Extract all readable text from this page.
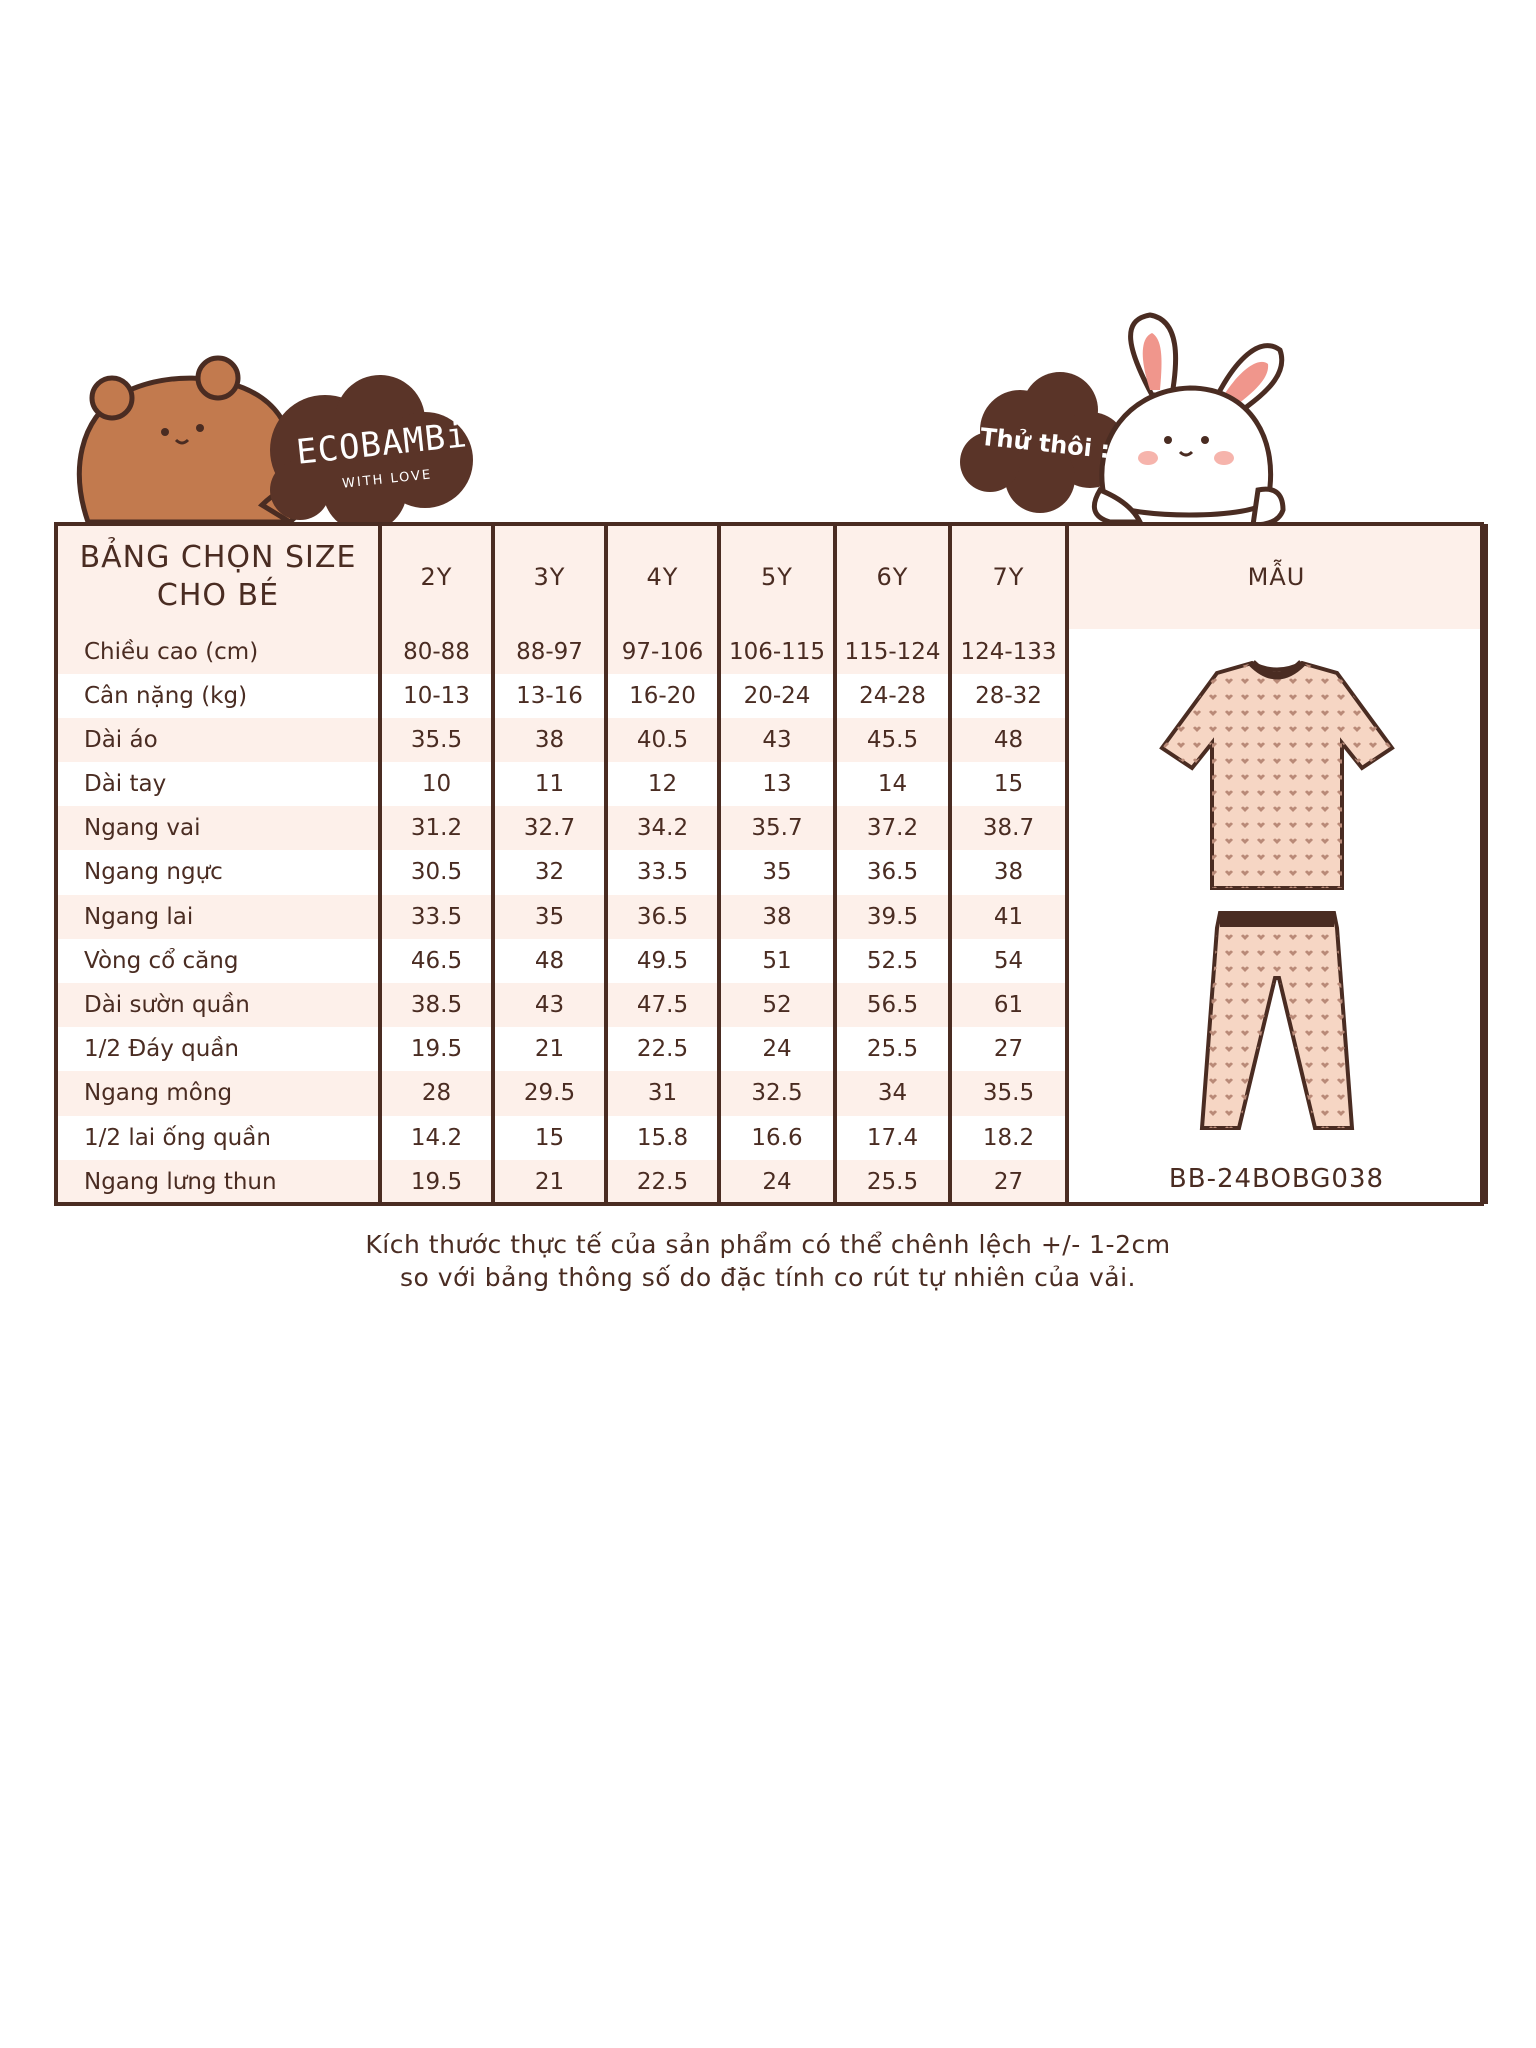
ECOBAMBi
WITH LOVE
Thử thôi :)
BẢNG CHỌN SIZE
CHO BÉ	2Y	3Y	4Y	5Y	6Y	7Y	MẪU
Chiều cao (cm)	80-88	88-97	97-106	106-115	115-124	124-133	BB-24BOBG038

Cân nặng (kg)	10-13	13-16	16-20	20-24	24-28	28-32	
Dài áo	35.5	38	40.5	43	45.5	48	
Dài tay	10	11	12	13	14	15	
Ngang vai	31.2	32.7	34.2	35.7	37.2	38.7	
Ngang ngực	30.5	32	33.5	35	36.5	38	
Ngang lai	33.5	35	36.5	38	39.5	41	
Vòng cổ căng	46.5	48	49.5	51	52.5	54	
Dài sườn quần	38.5	43	47.5	52	56.5	61	
1/2 Đáy quần	19.5	21	22.5	24	25.5	27	
Ngang mông	28	29.5	31	32.5	34	35.5	
1/2 lai ống quần	14.2	15	15.8	16.6	17.4	18.2	
Ngang lưng thun	19.5	21	22.5	24	25.5	27	
Kích thước thực tế của sản phẩm có thể chênh lệch +/- 1-2cm
so với bảng thông số do đặc tính co rút tự nhiên của vải.
